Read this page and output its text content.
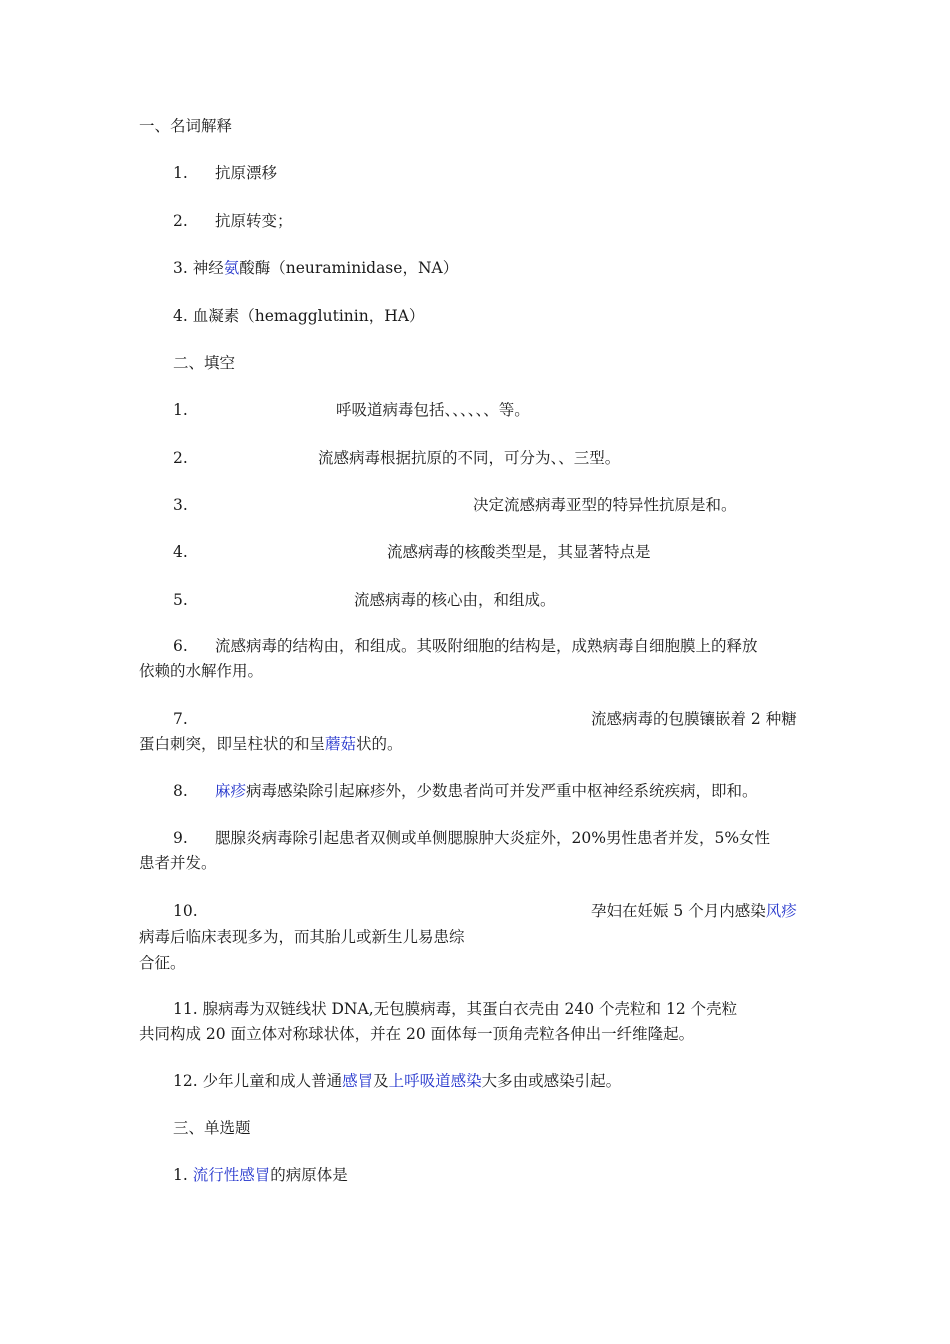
一、名词解释
1. 抗原漂移
2. 抗原转变；
3. 神经氨酸酶（neuraminidase，NA）
4. 血凝素（hemagglutinin，HA）
二、填空
1.	呼吸道病毒包括、、、、、、等。
2.	流感病毒根据抗原的不同，可分为、、三型。
3.	决定流感病毒亚型的特异性抗原是和。
4.	流感病毒的核酸类型是，其显著特点是
5.	流感病毒的核心由，和组成。
6. 流感病毒的结构由，和组成。其吸附细胞的结构是，成熟病毒自细胞膜上的释放
依赖的水解作用。
7.	流感病毒的包膜镶嵌着 2 种糖
蛋白刺突，即呈柱状的和呈蘑菇状的。
8. 麻疹病毒感染除引起麻疹外，少数患者尚可并发严重中枢神经系统疾病，即和。
9. 腮腺炎病毒除引起患者双侧或单侧腮腺肿大炎症外，20%男性患者并发，5%女性
患者并发。
10.	孕妇在妊娠 5 个月内感染风疹
病毒后临床表现多为，而其胎儿或新生儿易患综
合征。
11. 腺病毒为双链线状 DNA,无包膜病毒，其蛋白衣壳由 240 个壳粒和 12 个壳粒
共同构成 20 面立体对称球状体，并在 20 面体每一顶角壳粒各伸出一纤维隆起。
12. 少年儿童和成人普通感冒及上呼吸道感染大多由或感染引起。
三、单选题
1. 流行性感冒的病原体是
